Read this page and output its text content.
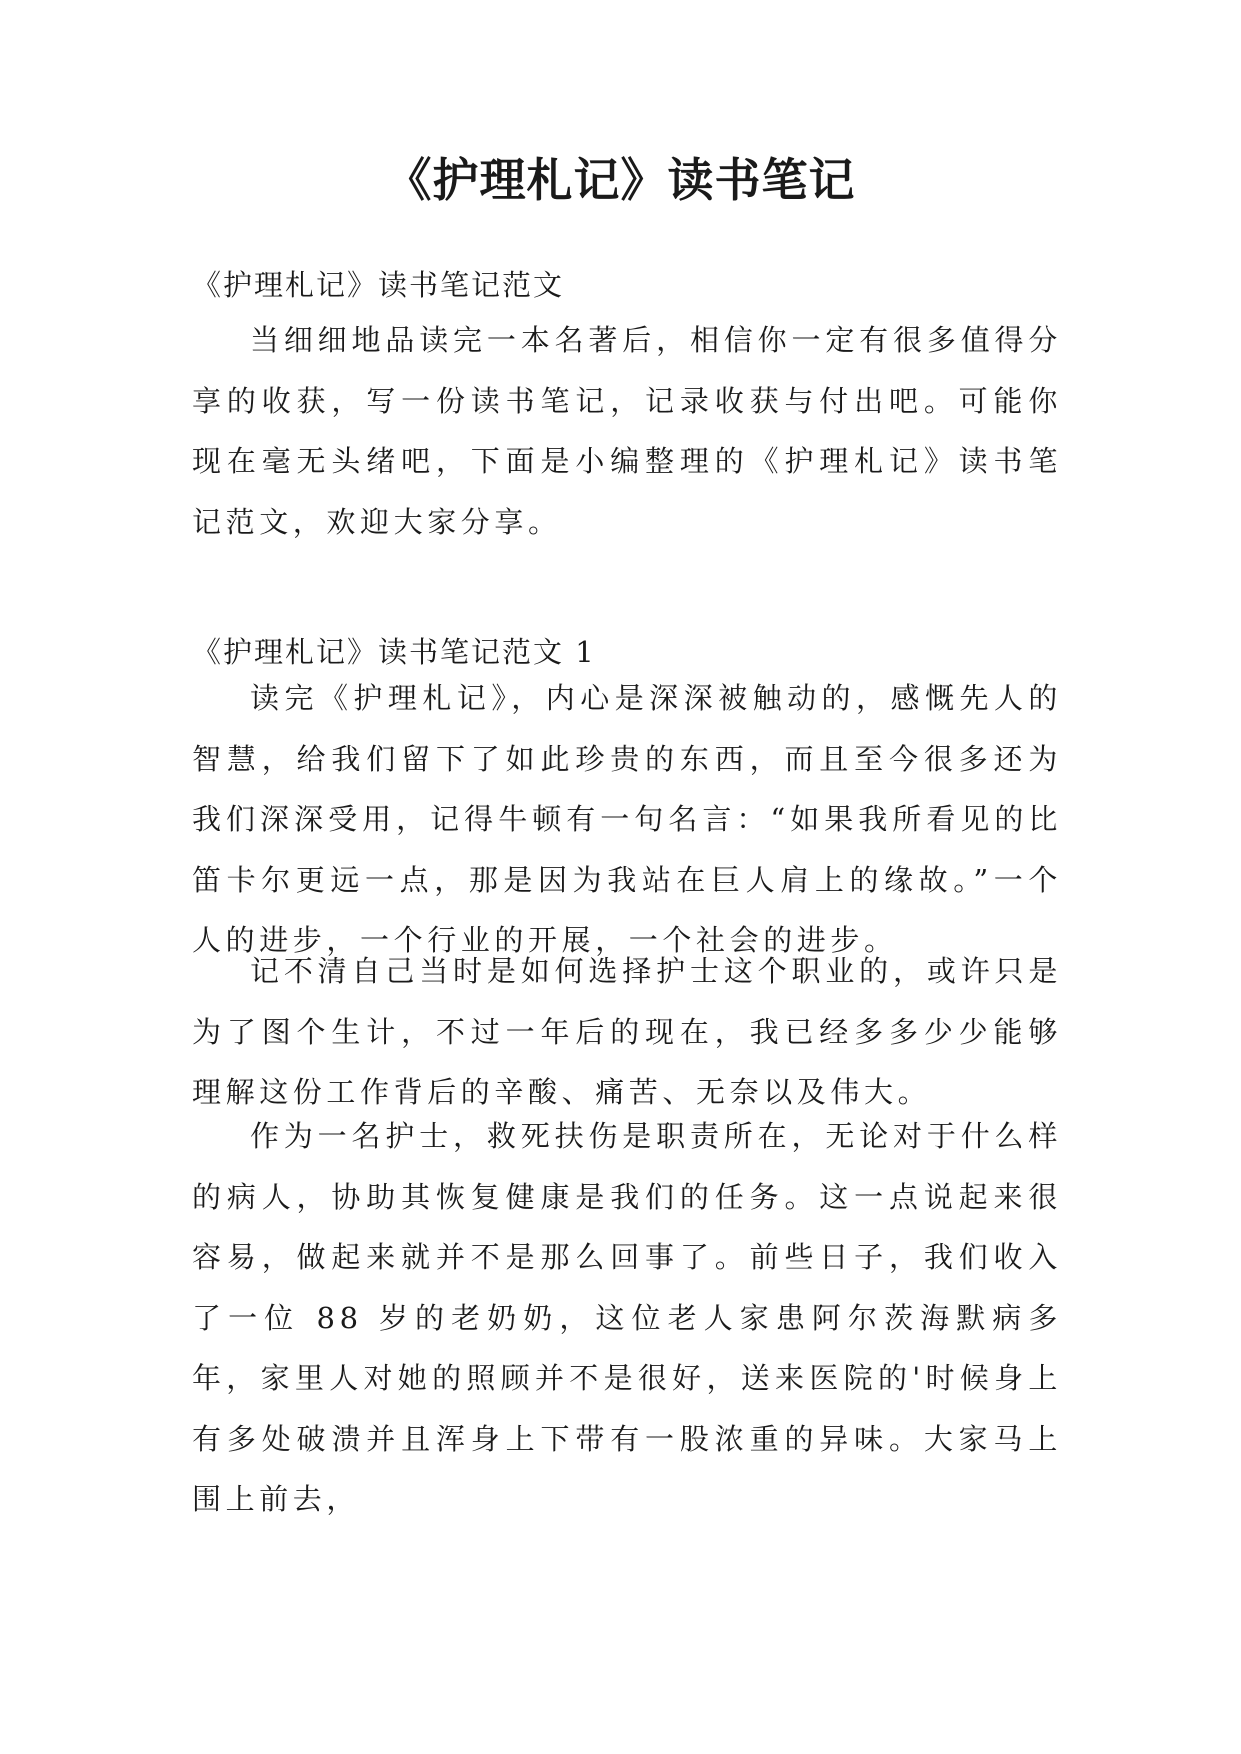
《护理札记》读书笔记

《护理札记》读书笔记范文

当细细地品读完一本名著后，相信你一定有很多值得分享的收获，写一份读书笔记，记录收获与付出吧。可能你现在毫无头绪吧，下面是小编整理的《护理札记》读书笔记范文，欢迎大家分享。

《护理札记》读书笔记范文 1

读完《护理札记》，内心是深深被触动的，感慨先人的智慧，给我们留下了如此珍贵的东西，而且至今很多还为我们深深受用，记得牛顿有一句名言：“如果我所看见的比笛卡尔更远一点，那是因为我站在巨人肩上的缘故。”一个人的进步，一个行业的开展，一个社会的进步。

记不清自己当时是如何选择护士这个职业的，或许只是为了图个生计，不过一年后的现在，我已经多多少少能够理解这份工作背后的辛酸、痛苦、无奈以及伟大。

作为一名护士，救死扶伤是职责所在，无论对于什么样的病人，协助其恢复健康是我们的任务。这一点说起来很容易，做起来就并不是那么回事了。前些日子，我们收入了一位 88 岁的老奶奶，这位老人家患阿尔茨海默病多年，家里人对她的照顾并不是很好，送来医院的'时候身上有多处破溃并且浑身上下带有一股浓重的异味。大家马上围上前去，
